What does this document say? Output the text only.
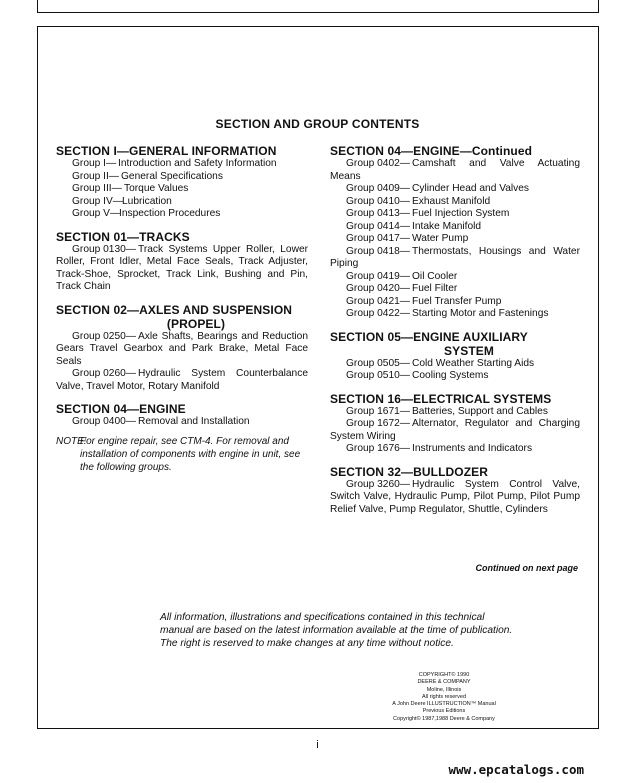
SECTION AND GROUP CONTENTS
SECTION I—GENERAL INFORMATION
Group I— Introduction and Safety Information
Group II— General Specifications
Group III— Torque Values
Group IV— Lubrication
Group V—
Inspection Procedures
SECTION 01—TRACKS
Group 0130— Track Systems Upper Roller, Lower Roller, Front Idler, Metal Face Seals, Track Adjuster, Track-Shoe, Sprocket, Track Link, Bushing and Pin, Track Chain
SECTION 02—AXLES AND SUSPENSION
(PROPEL)
Group 0250— Axle Shafts, Bearings and Reduction Gears Travel Gearbox and Park Brake, Metal Face Seals
Group 0260— Hydraulic System Counterbalance Valve, Travel Motor, Rotary Manifold
SECTION 04—ENGINE
Group 0400— Removal and Installation
NOTE:
For engine repair, see CTM-4. For removal and installation of components with engine in unit, see the following groups.
SECTION 04—ENGINE—Continued
Group 0402— Camshaft and Valve Actuating Means
Group 0409— Cylinder Head and Valves
Group 0410— Exhaust Manifold
Group 0413— Fuel Injection System
Group 0414— Intake Manifold
Group 0417— Water Pump
Group 0418— Thermostats, Housings and Water Piping
Group 0419— Oil Cooler
Group 0420— Fuel Filter
Group 0421— Fuel Transfer Pump
Group 0422— Starting Motor and Fastenings
SECTION 05—ENGINE AUXILIARY
SYSTEM
Group 0505— Cold Weather Starting Aids
Group 0510— Cooling Systems
SECTION 16—ELECTRICAL SYSTEMS
Group 1671— Batteries, Support and Cables
Group 1672— Alternator, Regulator and Charging System Wiring
Group 1676— Instruments and Indicators
SECTION 32—BULLDOZER
Group 3260— Hydraulic System Control Valve, Switch Valve, Hydraulic Pump, Pilot Pump, Pilot Pump Relief Valve, Pump Regulator, Shuttle, Cylinders
Continued on next page
All information, illustrations and specifications contained in this technical manual are based on the latest information available at the time of publication. The right is reserved to make changes at any time without notice.
COPYRIGHT© 1990
DEERE & COMPANY
Moline, Illinois
All rights reserved
A John Deere ILLUSTRUCTION™ Manual
Previous Editions
Copyright© 1987,1988 Deere & Company
i
www.epcatalogs.com
